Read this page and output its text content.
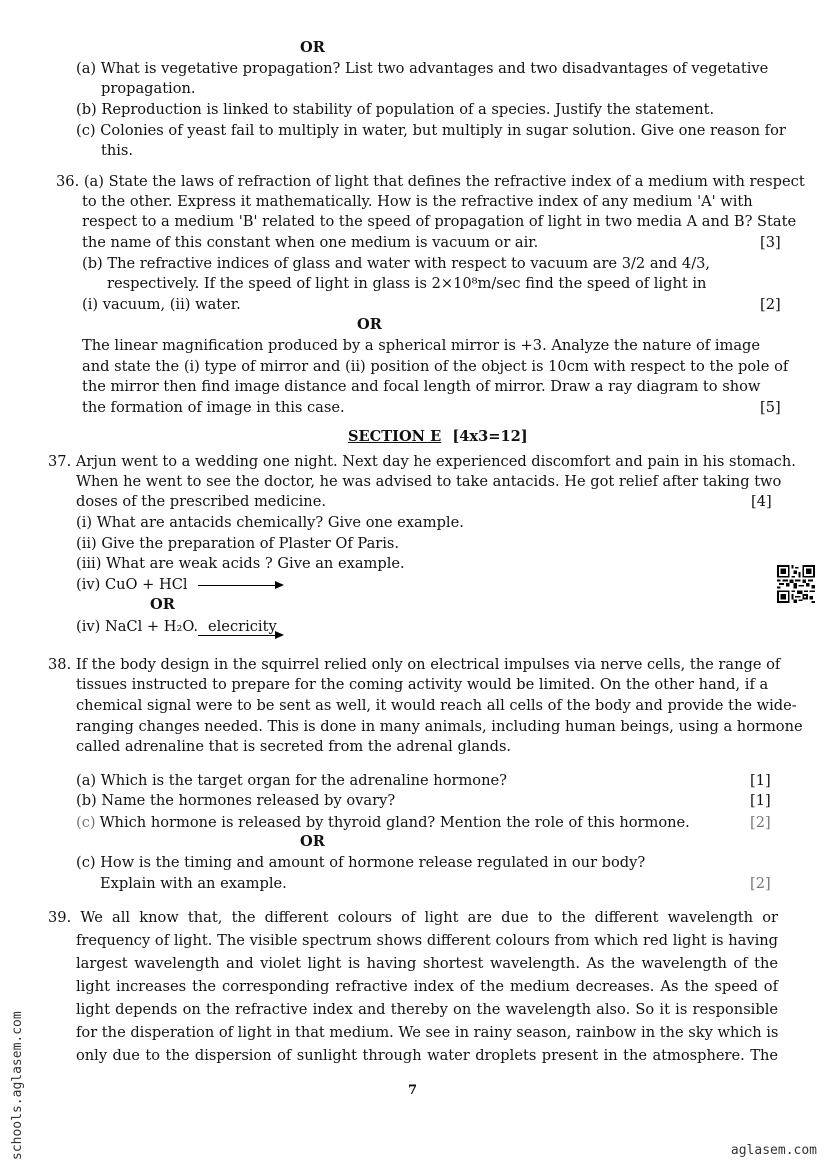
OR
(a) What is vegetative propagation? List two advantages and two disadvantages of vegetative
propagation.
(b) Reproduction is linked to stability of population of a species. Justify the statement.
(c) Colonies of yeast fail to multiply in water, but multiply in sugar solution. Give one reason for
this.
36. (a) State the laws of refraction of light that defines the refractive index of a medium with respect
to the other. Express it mathematically. How is the refractive index of any medium 'A' with
respect to a medium 'B' related to the speed of propagation of light in two media A and B? State
the name of this constant when one medium is vacuum or air.	[3]
(b) The refractive indices of glass and water with respect to vacuum are 3/2 and 4/3,
respectively. If the speed of light in glass is 2×10⁸m/sec find the speed of light in
(i) vacuum, (ii) water.	[2]
OR
The linear magnification produced by a spherical mirror is +3. Analyze the nature of image
and state the (i) type of mirror and (ii) position of the object is 10cm with respect to the pole of
the mirror then find image distance and focal length of mirror. Draw a ray diagram to show
the formation of image in this case.	[5]
SECTION E [4x3=12]
37. Arjun went to a wedding one night. Next day he experienced discomfort and pain in his stomach.
When he went to see the doctor, he was advised to take antacids. He got relief after taking two
doses of the prescribed medicine.	[4]
(i) What are antacids chemically? Give one example.
(ii) Give the preparation of Plaster Of Paris.
(iii) What are weak acids ? Give an example.
(iv) CuO + HCl
OR
(iv) NaCl + H₂O. elecricity
38. If the body design in the squirrel relied only on electrical impulses via nerve cells, the range of
tissues instructed to prepare for the coming activity would be limited. On the other hand, if a
chemical signal were to be sent as well, it would reach all cells of the body and provide the wide-
ranging changes needed. This is done in many animals, including human beings, using a hormone
called adrenaline that is secreted from the adrenal glands.
(a) Which is the target organ for the adrenaline hormone?	[1]
(b) Name the hormones released by ovary?	[1]
(c) Which hormone is released by thyroid gland? Mention the role of this hormone.	[2]
OR
(c) How is the timing and amount of hormone release regulated in our body?
Explain with an example.	[2]
39. We all know that, the different colours of light are due to the different wavelength or
frequency of light. The visible spectrum shows different colours from which red light is having
largest wavelength and violet light is having shortest wavelength. As the wavelength of the
light increases the corresponding refractive index of the medium decreases. As the speed of
light depends on the refractive index and thereby on the wavelength also. So it is responsible
for the disperation of light in that medium. We see in rainy season, rainbow in the sky which is
only due to the dispersion of sunlight through water droplets present in the atmosphere. The
7
schools.aglasem.com	aglasem.com
